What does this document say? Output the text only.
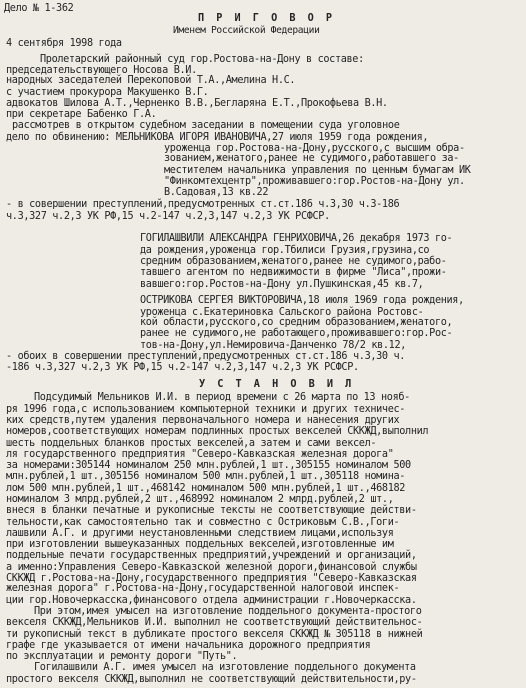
Дело № 1-362
П Р И Г О В О Р
Именем Российской Федерации
4 сентября 1998 года
Пролетарский районный суд гор.Ростова-на-Дону в составе:
председательствующего Носова В.И.
народных заседателей Перекоповой Т.А.,Амелина Н.С.
с участием прокурора Макушенко В.Г.
адвокатов Шилова А.Т.,Черненко В.В.,Бегларяна Е.Т.,Прокофьева В.Н.
при секретаре Бабенко Г.А.
рассмотрев в открытом судебном заседании в помещении суда уголовное
дело по обвинению: МЕЛЬНИКОВА ИГОРЯ ИВАНОВИЧА,27 июля 1959 года рождения,
уроженца гор.Ростова-на-Дону,русского,с высшим обра-
зованием,женатого,ранее не судимого,работавшего за-
местителем начальника управления по ценным бумагам ИК
"Финкомтехцентр",проживавшего:гор.Ростов-на-Дону ул.
В.Садовая,13 кв.22
- в совершении преступлений,предусмотренных ст.ст.186 ч.3,30 ч.3-186
ч.3,327 ч.2,3 УК РФ,15 ч.2-147 ч.2,3,147 ч.2,3 УК РСФСР.
ГОГИЛАШВИЛИ АЛЕКСАНДРА ГЕНРИХОВИЧА,26 декабря 1973 го-
да рождения,уроженца гор.Тбилиси Грузия,грузина,со
средним образованием,женатого,ранее не судимого,рабо-
тавшего агентом по недвижимости в фирме "Лиса",прожи-
вавшего:гор.Ростов-на-Дону ул.Пушкинская,45 кв.7,
ОСТРИКОВА СЕРГЕЯ ВИКТОРОВИЧА,18 июля 1969 года рождения,
уроженца с.Екатериновка Сальского района Ростовс-
кой области,русского,со средним образованием,женатого,
ранее не судимого,не работающего,проживавшего:гор.Рос-
тов-на-Дону,ул.Немировича-Данченко 78/2 кв.12,
- обоих в совершении преступлений,предусмотренных ст.ст.186 ч.3,30 ч.
-186 ч.3,327 ч.2,3 УК РФ,15 ч.2-147 ч.2,3,147 ч.2,3 УК РСФСР.
У С Т А Н О В И Л
Подсудимый Мельников И.И. в период времени с 26 марта по 13 нояб-
ря 1996 года,с использованием компьютерной техники и других техничес-
ких средств,путем удаления первоначального номера и нанесения других
номеров,соответствующих номерам подлинных простых векселей СККЖД,выполнил
шесть поддельных бланков простых векселей,а затем и сами вексел-
ля государственного предприятия "Северо-Кавказская железная дорога"
за номерами:305144 номиналом 250 млн.рублей,1 шт.,305155 номиналом 500
млн.рублей,1 шт.,305156 номиналом 500 млн.рублей,1 шт.,305118 номина-
лом 500 млн.рублей,1 шт.,468142 номиналом 500 млн.рублей,1 шт.,468182
номиналом 3 млрд.рублей,2 шт.,468992 номиналом 2 млрд.рублей,2 шт.,
внеся в бланки печатные и рукописные тексты не соответствующие действи-
тельности,как самостоятельно так и совместно с Остриковым С.В.,Гоги-
лашвили А.Г. и другими неустановленными следствием лицами,используя
при изготовлении вышеуказанных поддельных векселей,изготовленные им
поддельные печати государственных предприятий,учреждений и организаций,
а именно:Управления Северо-Кавказской железной дороги,финансовой службы
СККЖД г.Ростова-на-Дону,государственного предприятия "Северо-Кавказская
железная дорога" г.Ростова-на-Дону,государственной налоговой инспек-
ции гор.Новочеркасска,финансового отдела администрации г.Новочеркасска.
При этом,имея умысел на изготовление поддельного документа-простого
векселя СККЖД,Мельников И.И. выполнил не соответствующий действительнос-
ти рукописный текст в дубликате простого векселя СККЖД № 305118 в нижней
графе где указывается от имени начальника дорожного предприятия
по эксплуатации и ремонту дороги "Путь".
Гогилашвили А.Г. имея умысел на изготовление поддельного документа
простого векселя СККЖД,выполнил не соответствующий действительности,ру-
